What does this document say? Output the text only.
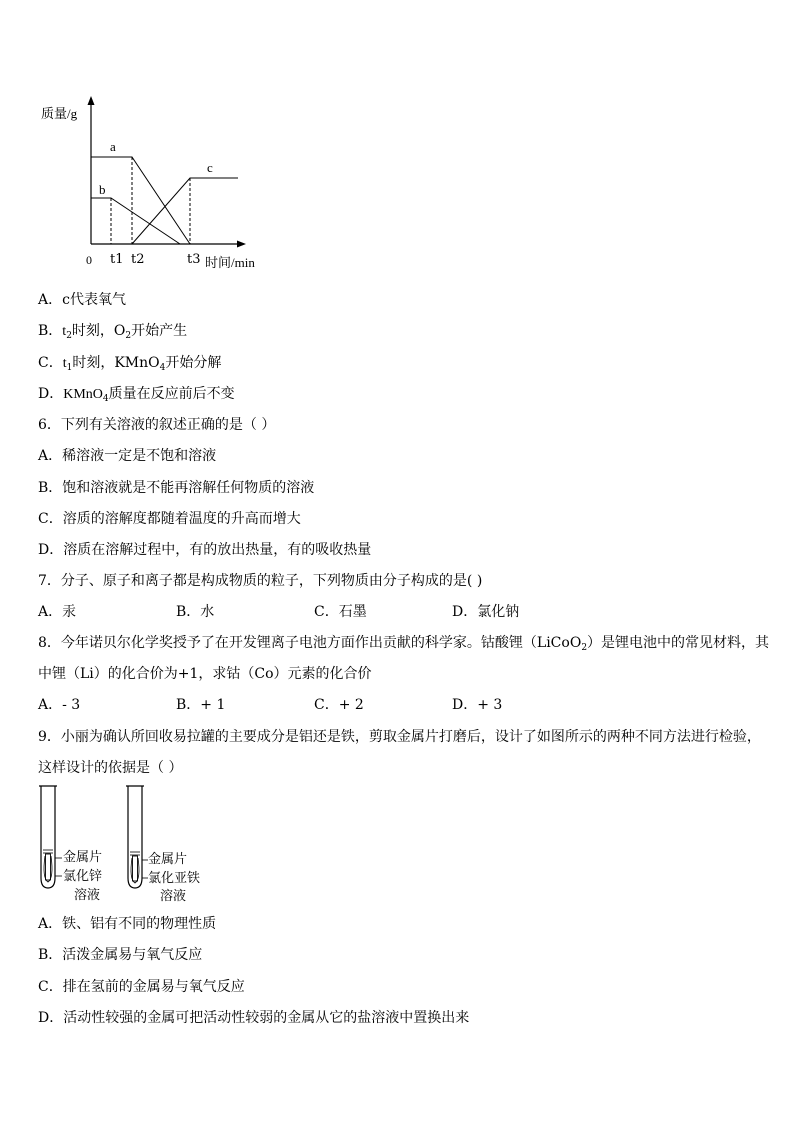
质量/g
a
b
c
0	时间/min
t1 t2	t3
A．c代表氧气
B．$t_2$时刻，$O_2$开始产生
C．$t_1$时刻，KMnO$_4$开始分解
D．KMnO$_4$质量在反应前后不变
6．下列有关溶液的叙述正确的是（ ）
A．稀溶液一定是不饱和溶液
B．饱和溶液就是不能再溶解任何物质的溶液
C．溶质的溶解度都随着温度的升高而增大
D．溶质在溶解过程中，有的放出热量，有的吸收热量
7．分子、原子和离子都是构成物质的粒子，下列物质由分子构成的是( )
A．汞	B．水	C．石墨	D．氯化钠
8．今年诺贝尔化学奖授予了在开发锂离子电池方面作出贡献的科学家。钴酸锂（LiCoO$_2$）是锂电池中的常见材料，其
中锂（Li）的化合价为+1，求钴（Co）元素的化合价
A．- 3	B．+ 1	C．+ 2	D．+ 3
9．小丽为确认所回收易拉罐的主要成分是铝还是铁，剪取金属片打磨后，设计了如图所示的两种不同方法进行检验，
这样设计的依据是（ ）
金属片
氯化锌
溶液
金属片
氯化亚铁
溶液
A．铁、铝有不同的物理性质
B．活泼金属易与氧气反应
C．排在氢前的金属易与氧气反应
D．活动性较强的金属可把活动性较弱的金属从它的盐溶液中置换出来
